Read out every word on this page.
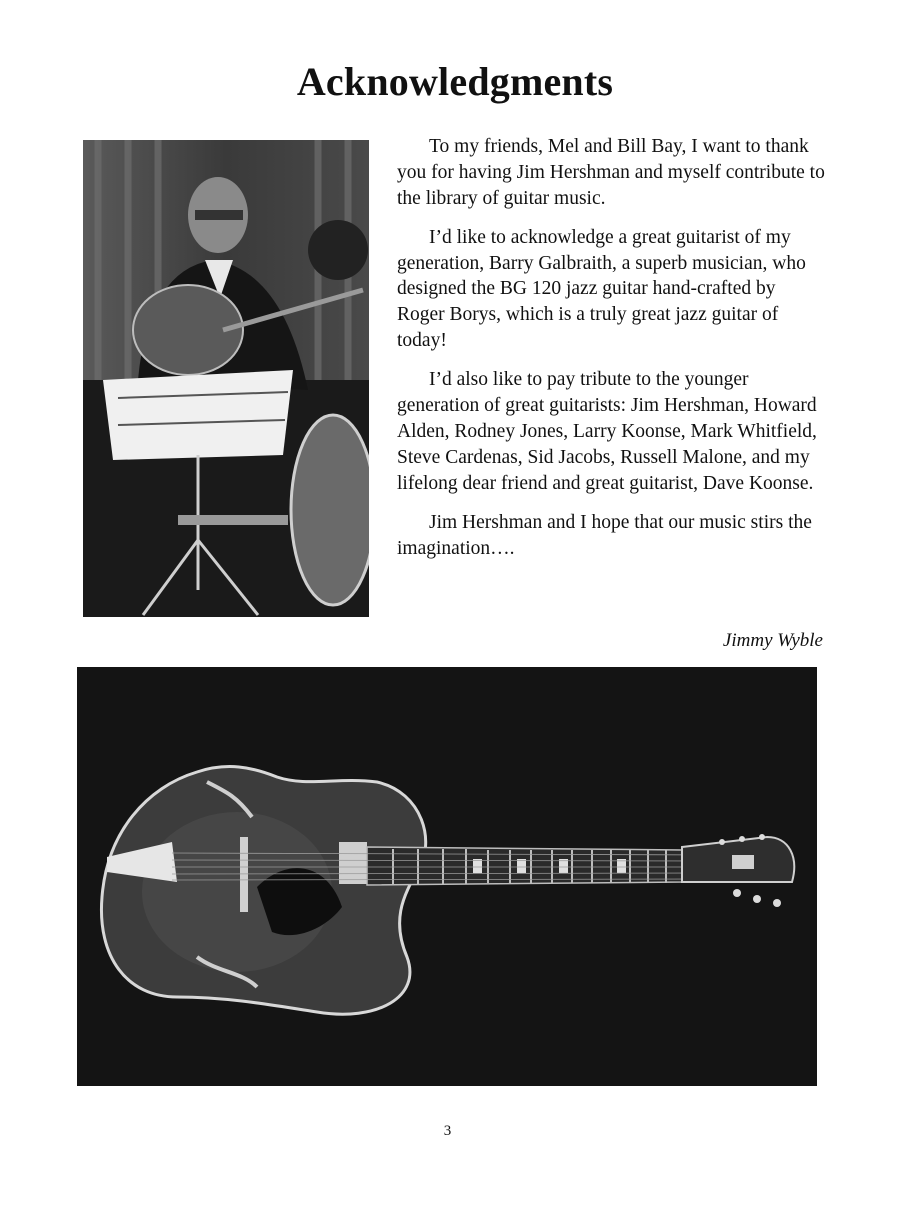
Acknowledgments

To my friends, Mel and Bill Bay, I want to thank you for having Jim Hershman and myself contribute to the library of guitar music.

I’d like to acknowledge a great guitarist of my generation, Barry Galbraith, a superb musician, who designed the BG 120 jazz guitar hand-crafted by Roger Borys, which is a truly great jazz guitar of today!

I’d also like to pay tribute to the younger generation of great guitarists: Jim Hershman, Howard Alden, Rodney Jones, Larry Koonse, Mark Whitfield, Steve Cardenas, Sid Jacobs, Russell Malone, and my lifelong dear friend and great guitarist, Dave Koonse.

Jim Hershman and I hope that our music stirs the imagination….

Jimmy Wyble
3
